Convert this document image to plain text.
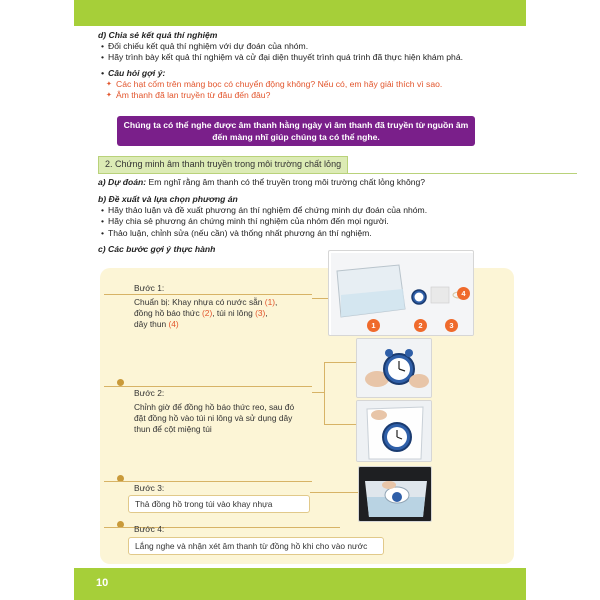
d) Chia sẻ kết quả thí nghiệm
• Đối chiếu kết quả thí nghiệm với dự đoán của nhóm.
• Hãy trình bày kết quả thí nghiệm và cử đại diện thuyết trình quá trình đã thực hiện khám phá.
• Câu hỏi gợi ý:
✦ Các hạt cốm trên màng bọc có chuyển động không? Nếu có, em hãy giải thích vì sao.
✦ Âm thanh đã lan truyền từ đâu đến đâu?
Chúng ta có thể nghe được âm thanh hằng ngày vì âm thanh đã truyền từ nguồn âm
đến màng nhĩ giúp chúng ta có thể nghe.
2. Chứng minh âm thanh truyền trong môi trường chất lỏng
a) Dự đoán: Em nghĩ rằng âm thanh có thể truyền trong môi trường chất lỏng không?
b) Đề xuất và lựa chọn phương án
• Hãy thảo luận và đề xuất phương án thí nghiệm để chứng minh dự đoán của nhóm.
• Hãy chia sẻ phương án chứng minh thí nghiệm của nhóm đến mọi người.
• Thảo luận, chỉnh sửa (nếu cần) và thống nhất phương án thí nghiệm.
c) Các bước gợi ý thực hành
Bước 1:
Chuẩn bị: Khay nhựa có nước sẵn (1),
đồng hồ báo thức (2), túi ni lông (3),
dây thun (4)
Bước 2:
Chỉnh giờ để đồng hồ báo thức reo, sau đó
đặt đồng hồ vào túi ni lông và sử dụng dây
thun để cột miệng túi
Bước 3:
Thả đồng hồ trong túi vào khay nhựa
Bước 4:
Lắng nghe và nhận xét âm thanh từ đồng hồ khi cho vào nước
1	2	3
4
10
